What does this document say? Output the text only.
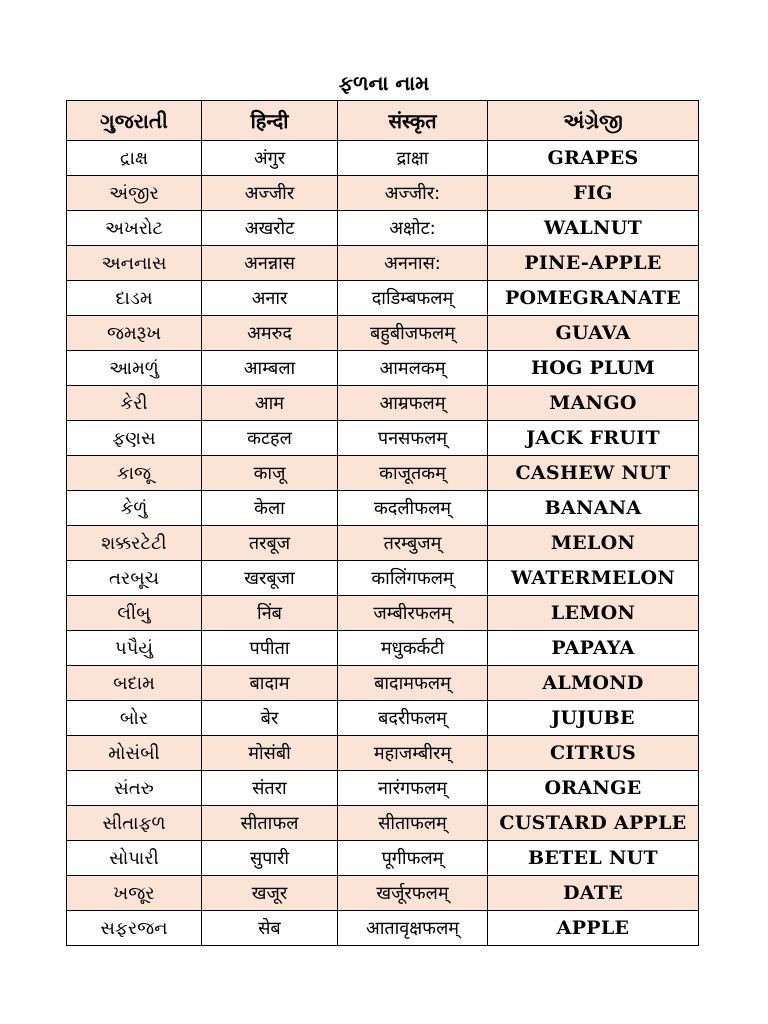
ફળના નામ
ગુજરાતી	हिन्दी	संस्कृत	અંગ્રેજી
દ્રાક્ષ	अंगुर	द्राक्षा	GRAPES
અંજીર	अज्जीर	अज्जीर:	FIG
અખરોટ	अखरोट	अक्षोट:	WALNUT
અનનાસ	अनन्नास	अननास:	PINE-APPLE
દાડમ	अनार	दाडिम्बफलम्	POMEGRANATE
જમરૂખ	अमरुद	बहुबीजफलम्	GUAVA
આમળું	आम्बला	आमलकम्	HOG PLUM
કેરી	आम	आम्रफलम्	MANGO
ફણસ	कटहल	पनसफलम्	JACK FRUIT
કાજૂ	काजू	काजूतकम्	CASHEW NUT
કેળું	केला	कदलीफलम्	BANANA
શક્કરટેટી	तरबूज	तरम्बुजम्	MELON
તરબૂચ	खरबूजा	कालिंगफलम्	WATERMELON
લીંબુ	निंब	जम्बीरफलम्	LEMON
પપૈયું	पपीता	मधुकर्कटी	PAPAYA
બદામ	बादाम	बादामफलम्	ALMOND
બોર	बेर	बदरीफलम्	JUJUBE
મોસંબી	मोसंबी	महाजम्बीरम्	CITRUS
સંતરુ	संतरा	नारंगफलम्	ORANGE
સીતાફળ	सीताफल	सीताफलम्	CUSTARD APPLE
સોપારી	सुपारी	पूगीफलम्	BETEL NUT
ખજૂર	खजूर	खर्जूरफलम्	DATE
સફરજન	सेब	आतावृक्षफलम्	APPLE
